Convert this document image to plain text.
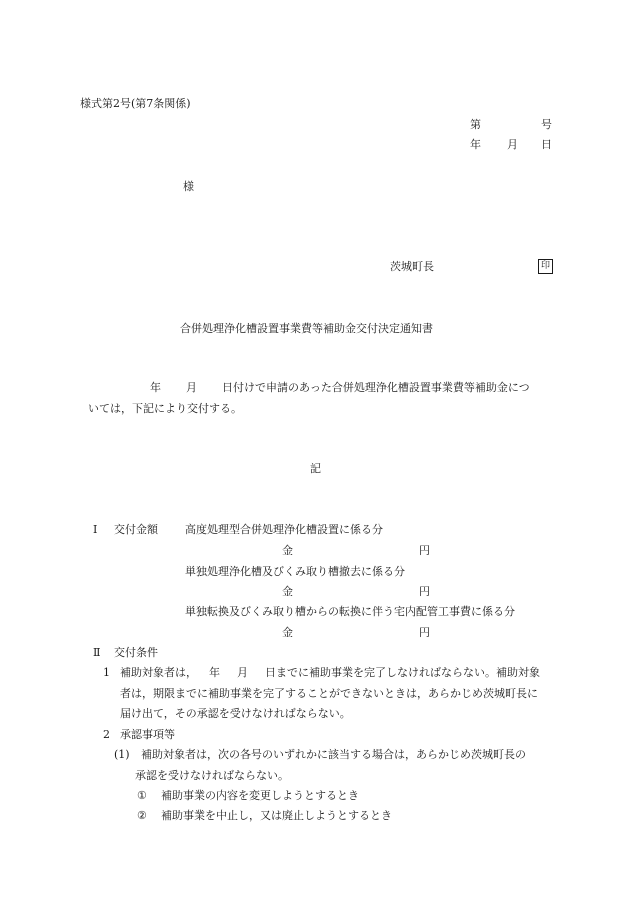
様式第2号(第7条関係)
第	号
年 月 日
様
茨城町長	印
合併処理浄化槽設置事業費等補助金交付決定通知書
年 月 日付けで申請のあった合併処理浄化槽設置事業費等補助金につ
いては，下記により交付する。
記
Ⅰ 交付金額 高度処理型合併処理浄化槽設置に係る分
金	円
単独処理浄化槽及びくみ取り槽撤去に係る分
金	円
単独転換及びくみ取り槽からの転換に伴う宅内配管工事費に係る分
金	円
Ⅱ 交付条件
1 補助対象者は， 年 月 日までに補助事業を完了しなければならない。補助対象
者は，期限までに補助事業を完了することができないときは，あらかじめ茨城町長に
届け出て，その承認を受けなければならない。
2 承認事項等
(1) 補助対象者は，次の各号のいずれかに該当する場合は，あらかじめ茨城町長の
承認を受けなければならない。
① 補助事業の内容を変更しようとするとき
② 補助事業を中止し，又は廃止しようとするとき
